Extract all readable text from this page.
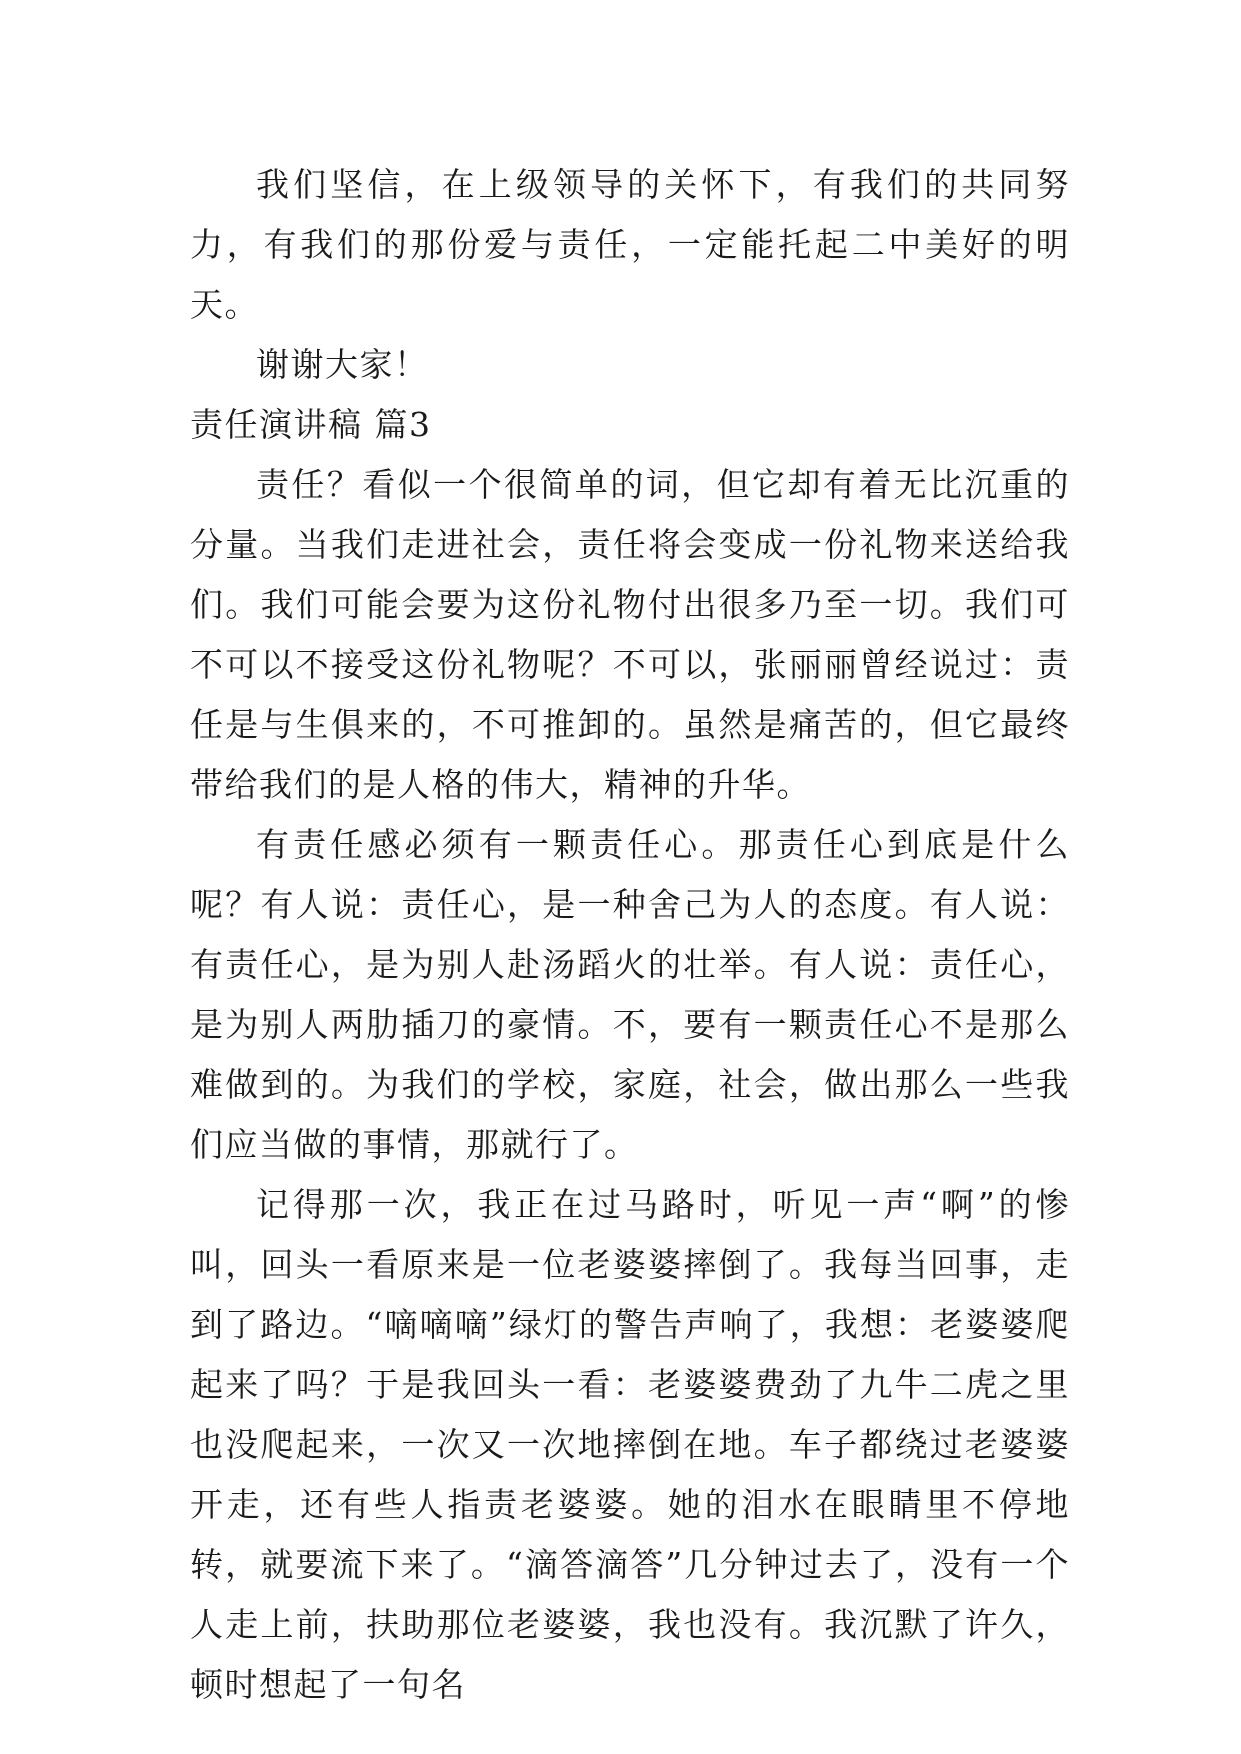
我们坚信，在上级领导的关怀下，有我们的共同努力，有我们的那份爱与责任，一定能托起二中美好的明天。

谢谢大家！

责任演讲稿 篇3

责任？看似一个很简单的词，但它却有着无比沉重的分量。当我们走进社会，责任将会变成一份礼物来送给我们。我们可能会要为这份礼物付出很多乃至一切。我们可不可以不接受这份礼物呢？不可以，张丽丽曾经说过：责任是与生俱来的，不可推卸的。虽然是痛苦的，但它最终带给我们的是人格的伟大，精神的升华。

有责任感必须有一颗责任心。那责任心到底是什么呢？有人说：责任心，是一种舍己为人的态度。有人说：有责任心，是为别人赴汤蹈火的壮举。有人说：责任心，是为别人两肋插刀的豪情。不，要有一颗责任心不是那么难做到的。为我们的学校，家庭，社会，做出那么一些我们应当做的事情，那就行了。

记得那一次，我正在过马路时，听见一声“啊”的惨叫，回头一看原来是一位老婆婆摔倒了。我每当回事，走到了路边。“嘀嘀嘀”绿灯的警告声响了，我想：老婆婆爬起来了吗？于是我回头一看：老婆婆费劲了九牛二虎之里也没爬起来，一次又一次地摔倒在地。车子都绕过老婆婆开走，还有些人指责老婆婆。她的泪水在眼睛里不停地转，就要流下来了。“滴答滴答”几分钟过去了，没有一个人走上前，扶助那位老婆婆，我也没有。我沉默了许久，顿时想起了一句名
